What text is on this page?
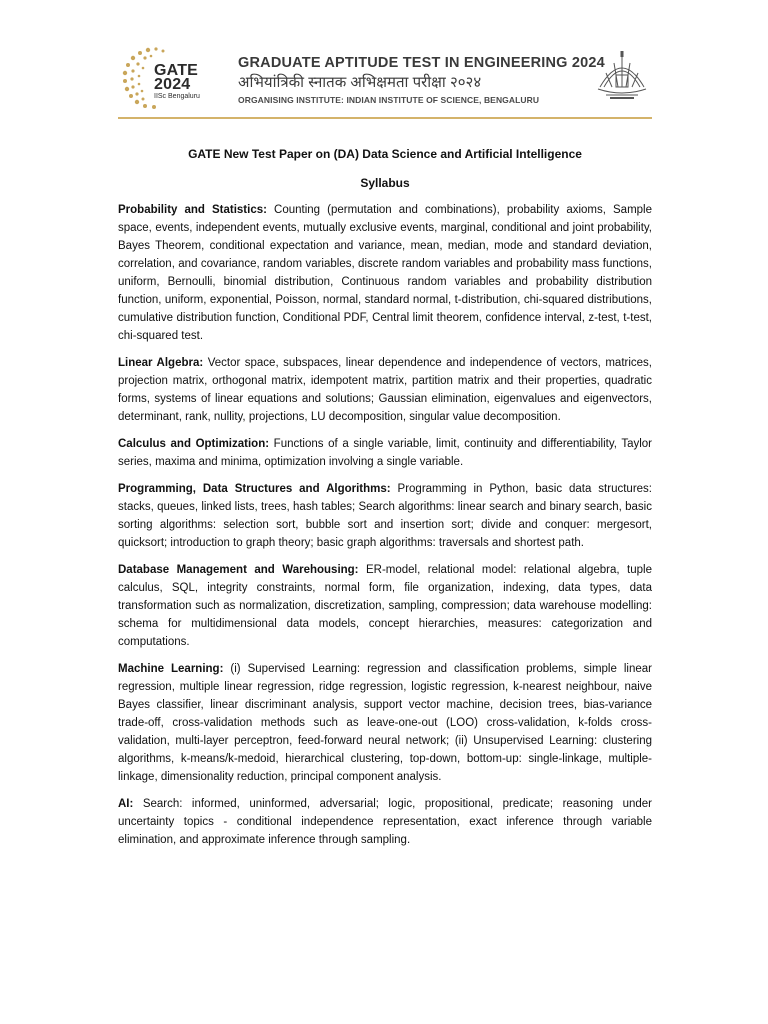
GATE
2024
IISc Bengaluru
GRADUATE APTITUDE TEST IN ENGINEERING 2024
अभियांत्रिकी स्नातक अभिक्षमता परीक्षा २०२४
ORGANISING INSTITUTE: INDIAN INSTITUTE OF SCIENCE, BENGALURU
GATE New Test Paper on (DA) Data Science and Artificial Intelligence
Syllabus

Probability and Statistics: Counting (permutation and combinations), probability axioms, Sample space, events, independent events, mutually exclusive events, marginal, conditional and joint probability, Bayes Theorem, conditional expectation and variance, mean, median, mode and standard deviation, correlation, and covariance, random variables, discrete random variables and probability mass functions, uniform, Bernoulli, binomial distribution, Continuous random variables and probability distribution function, uniform, exponential, Poisson, normal, standard normal, t-distribution, chi-squared distributions, cumulative distribution function, Conditional PDF, Central limit theorem, confidence interval, z-test, t-test, chi-squared test.

Linear Algebra: Vector space, subspaces, linear dependence and independence of vectors, matrices, projection matrix, orthogonal matrix, idempotent matrix, partition matrix and their properties, quadratic forms, systems of linear equations and solutions; Gaussian elimination, eigenvalues and eigenvectors, determinant, rank, nullity, projections, LU decomposition, singular value decomposition.

Calculus and Optimization: Functions of a single variable, limit, continuity and differentiability, Taylor series, maxima and minima, optimization involving a single variable.

Programming, Data Structures and Algorithms: Programming in Python, basic data structures: stacks, queues, linked lists, trees, hash tables; Search algorithms: linear search and binary search, basic sorting algorithms: selection sort, bubble sort and insertion sort; divide and conquer: mergesort, quicksort; introduction to graph theory; basic graph algorithms: traversals and shortest path.

Database Management and Warehousing: ER-model, relational model: relational algebra, tuple calculus, SQL, integrity constraints, normal form, file organization, indexing, data types, data transformation such as normalization, discretization, sampling, compression; data warehouse modelling: schema for multidimensional data models, concept hierarchies, measures: categorization and computations.

Machine Learning: (i) Supervised Learning: regression and classification problems, simple linear regression, multiple linear regression, ridge regression, logistic regression, k-nearest neighbour, naive Bayes classifier, linear discriminant analysis, support vector machine, decision trees, bias-variance trade-off, cross-validation methods such as leave-one-out (LOO) cross-validation, k-folds cross-validation, multi-layer perceptron, feed-forward neural network; (ii) Unsupervised Learning: clustering algorithms, k-means/k-medoid, hierarchical clustering, top-down, bottom-up: single-linkage, multiple-linkage, dimensionality reduction, principal component analysis.

AI: Search: informed, uninformed, adversarial; logic, propositional, predicate; reasoning under uncertainty topics - conditional independence representation, exact inference through variable elimination, and approximate inference through sampling.
